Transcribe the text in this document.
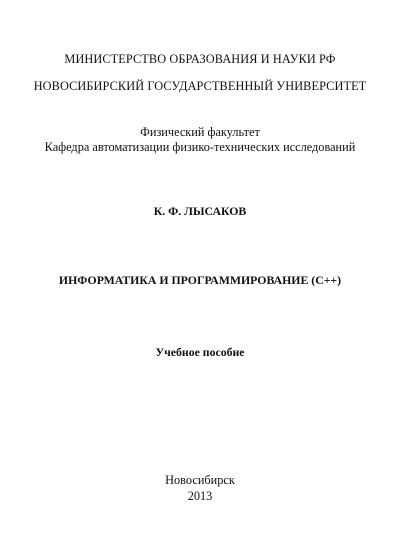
МИНИСТЕРСТВО ОБРАЗОВАНИЯ И НАУКИ РФ
НОВОСИБИРСКИЙ ГОСУДАРСТВЕННЫЙ УНИВЕРСИТЕТ
Физический факультет
Кафедра автоматизации физико-технических исследований
К. Ф. ЛЫСАКОВ
ИНФОРМАТИКА И ПРОГРАММИРОВАНИЕ (С++)
Учебное пособие
Новосибирск
2013
